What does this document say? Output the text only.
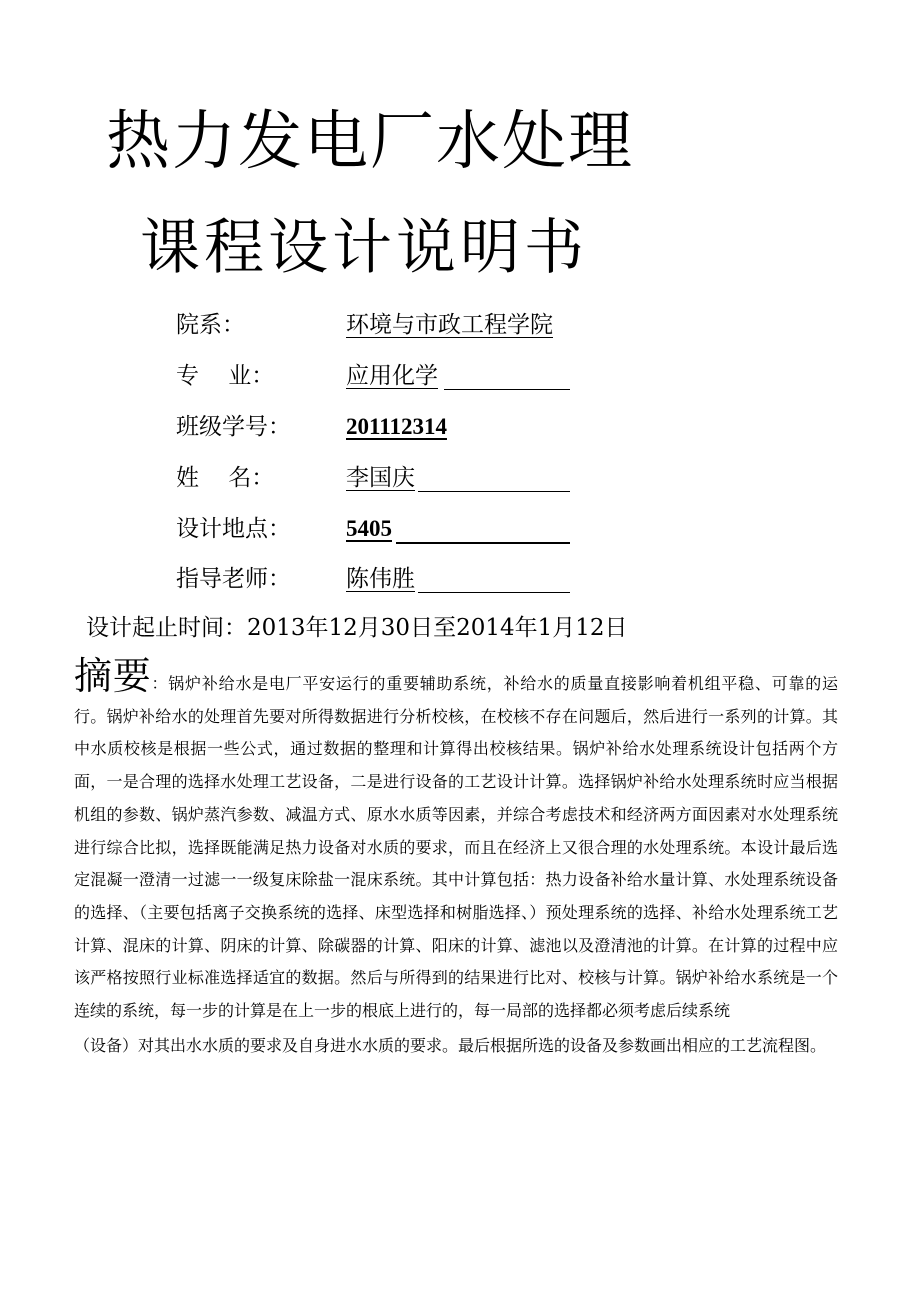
热力发电厂水处理
课程设计说明书
院系：	环境与市政工程学院
专    业：	应用化学
班级学号： 201112314
姓    名：	李国庆
设计地点： 5405
指导老师： 陈伟胜
设计起止时间：2013年12月30日至2014年1月12日

摘要：锅炉补给水是电厂平安运行的重要辅助系统，补给水的质量直接影响着机组平稳、可靠的运行。锅炉补给水的处理首先要对所得数据进行分析校核，在校核不存在问题后，然后进行一系列的计算。其中水质校核是根据一些公式，通过数据的整理和计算得出校核结果。锅炉补给水处理系统设计包括两个方面，一是合理的选择水处理工艺设备，二是进行设备的工艺设计计算。选择锅炉补给水处理系统时应当根据机组的参数、锅炉蒸汽参数、减温方式、原水水质等因素，并综合考虑技术和经济两方面因素对水处理系统进行综合比拟，选择既能满足热力设备对水质的要求，而且在经济上又很合理的水处理系统。本设计最后选定混凝一澄清一过滤一一级复床除盐一混床系统。其中计算包括：热力设备补给水量计算、水处理系统设备的选择、（主要包括离子交换系统的选择、床型选择和树脂选择、）预处理系统的选择、补给水处理系统工艺计算、混床的计算、阴床的计算、除碳器的计算、阳床的计算、滤池以及澄清池的计算。在计算的过程中应该严格按照行业标准选择适宜的数据。然后与所得到的结果进行比对、校核与计算。锅炉补给水系统是一个连续的系统，每一步的计算是在上一步的根底上进行的，每一局部的选择都必须考虑后续系统

（设备）对其出水水质的要求及自身进水水质的要求。最后根据所选的设备及参数画出相应的工艺流程图。
